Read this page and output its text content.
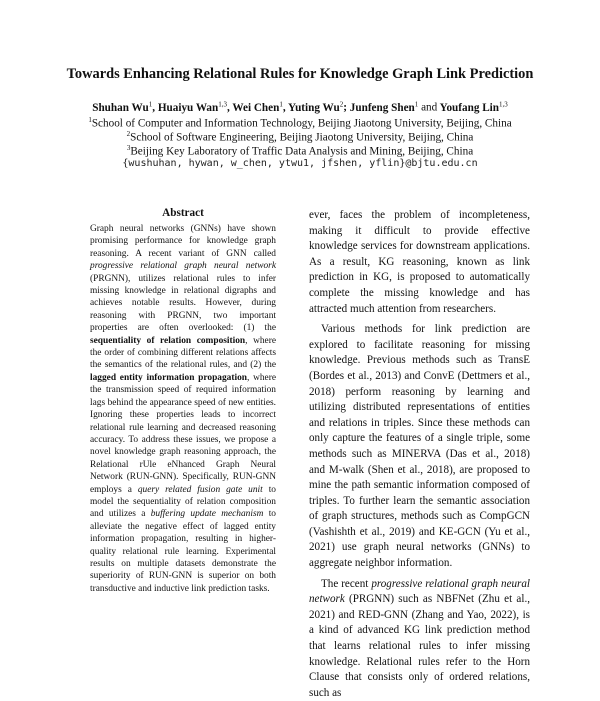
Towards Enhancing Relational Rules for Knowledge Graph Link Prediction
Shuhan Wu$^1$, Huaiyu Wan$^{1,3}$, Wei Chen$^1$, Yuting Wu$^2$; Junfeng Shen$^1$ and Youfang Lin$^{1,3}$
$^1$School of Computer and Information Technology, Beijing Jiaotong University, Beijing, China
$^2$School of Software Engineering, Beijing Jiaotong University, Beijing, China
$^3$Beijing Key Laboratory of Traffic Data Analysis and Mining, Beijing, China
{wushuhan, hywan, w_chen, ytwu1, jfshen, yflin}@bjtu.edu.cn
Abstract
Graph neural networks (GNNs) have shown promising performance for knowledge graph reasoning. A recent variant of GNN called progressive relational graph neural network (PRGNN), utilizes relational rules to infer missing knowledge in relational digraphs and achieves notable results. However, during reasoning with PRGNN, two important properties are often overlooked: (1) the sequentiality of relation composition, where the order of combining different relations affects the semantics of the relational rules, and (2) the lagged entity information propagation, where the transmission speed of required information lags behind the appearance speed of new entities. Ignoring these properties leads to incorrect relational rule learning and decreased reasoning accuracy. To address these issues, we propose a novel knowledge graph reasoning approach, the Relational rUle eNhanced Graph Neural Network (RUN-GNN). Specifically, RUN-GNN employs a query related fusion gate unit to model the sequentiality of relation composition and utilizes a buffering update mechanism to alleviate the negative effect of lagged entity information propagation, resulting in higher-quality relational rule learning. Experimental results on multiple datasets demonstrate the superiority of RUN-GNN is superior on both transductive and inductive link prediction tasks.

ever, faces the problem of incompleteness, making it difficult to provide effective knowledge services for downstream applications. As a result, KG reasoning, known as link prediction in KG, is proposed to automatically complete the missing knowledge and has attracted much attention from researchers.

Various methods for link prediction are explored to facilitate reasoning for missing knowledge. Previous methods such as TransE (Bordes et al., 2013) and ConvE (Dettmers et al., 2018) perform reasoning by learning and utilizing distributed representations of entities and relations in triples. Since these methods can only capture the features of a single triple, some methods such as MINERVA (Das et al., 2018) and M-walk (Shen et al., 2018), are proposed to mine the path semantic information composed of triples. To further learn the semantic association of graph structures, methods such as CompGCN (Vashishth et al., 2019) and KE-GCN (Yu et al., 2021) use graph neural networks (GNNs) to aggregate neighbor information.

The recent progressive relational graph neural network (PRGNN) such as NBFNet (Zhu et al., 2021) and RED-GNN (Zhang and Yao, 2022), is a kind of advanced KG link prediction method that learns relational rules to infer missing knowledge. Relational rules refer to the Horn Clause that consists only of ordered relations, such as
